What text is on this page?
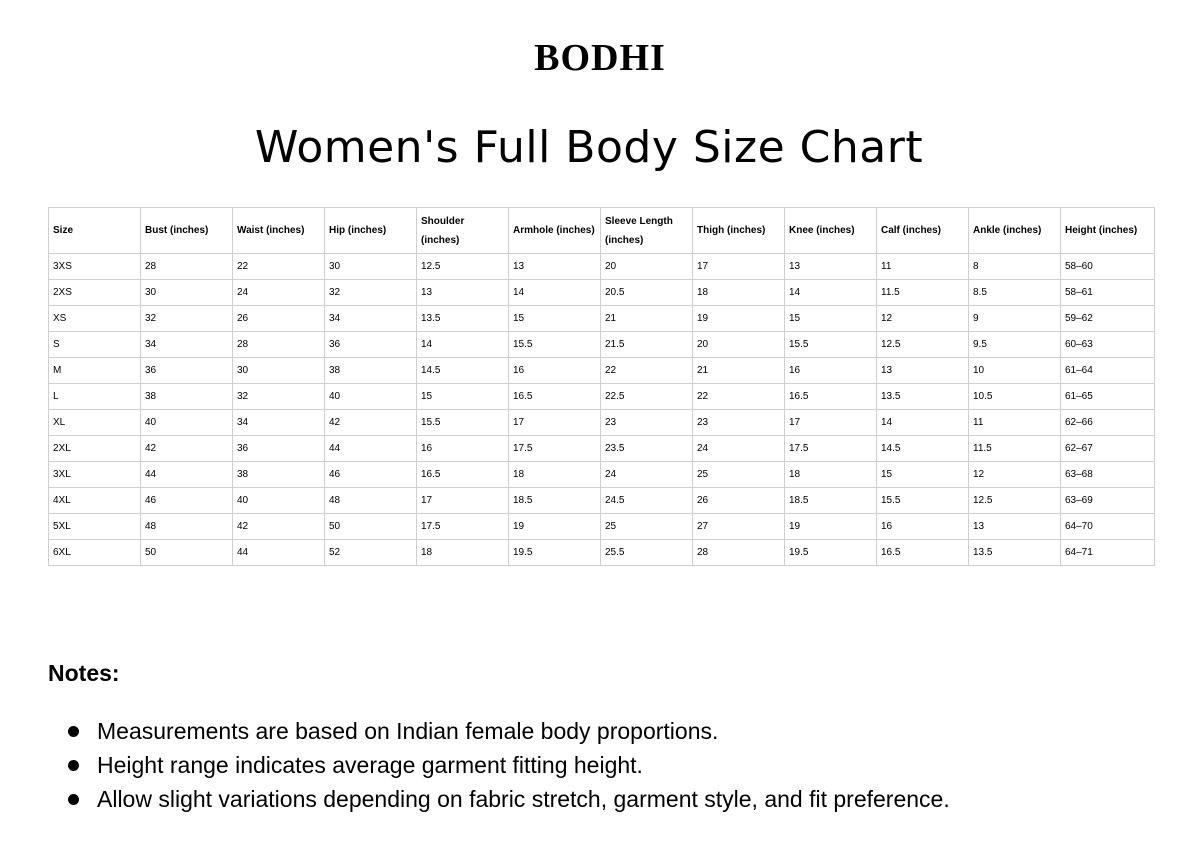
BODHI
Women's Full Body Size Chart
Size	Bust (inches)	Waist (inches)	Hip (inches)	Shoulder (inches)	Armhole (inches)	Sleeve Length (inches)	Thigh (inches)	Knee (inches)	Calf (inches)	Ankle (inches)	Height (inches)
3XS	28	22	30	12.5	13	20	17	13	11	8	58–60
2XS	30	24	32	13	14	20.5	18	14	11.5	8.5	58–61
XS	32	26	34	13.5	15	21	19	15	12	9	59–62
S	34	28	36	14	15.5	21.5	20	15.5	12.5	9.5	60–63
M	36	30	38	14.5	16	22	21	16	13	10	61–64
L	38	32	40	15	16.5	22.5	22	16.5	13.5	10.5	61–65
XL	40	34	42	15.5	17	23	23	17	14	11	62–66
2XL	42	36	44	16	17.5	23.5	24	17.5	14.5	11.5	62–67
3XL	44	38	46	16.5	18	24	25	18	15	12	63–68
4XL	46	40	48	17	18.5	24.5	26	18.5	15.5	12.5	63–69
5XL	48	42	50	17.5	19	25	27	19	16	13	64–70
6XL	50	44	52	18	19.5	25.5	28	19.5	16.5	13.5	64–71
Notes:
Measurements are based on Indian female body proportions.
Height range indicates average garment fitting height.
Allow slight variations depending on fabric stretch, garment style, and fit preference.
